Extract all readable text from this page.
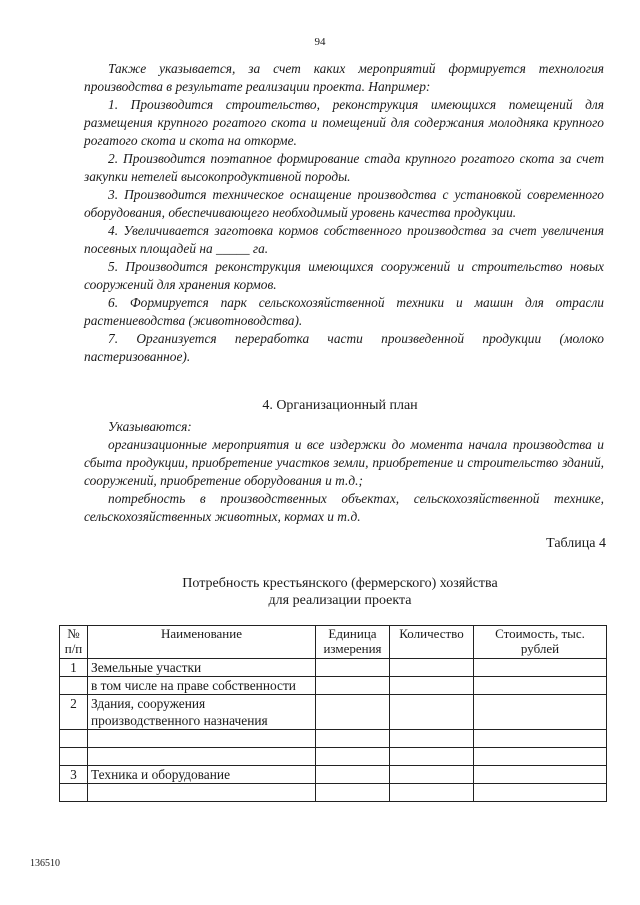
94

Также указывается, за счет каких мероприятий формируется технология производства в результате реализации проекта. Например:

1. Производится строительство, реконструкция имеющихся помещений для размещения крупного рогатого скота и помещений для содержания молодняка крупного рогатого скота и скота на откорме.

2. Производится поэтапное формирование стада крупного рогатого скота за счет закупки нетелей высокопродуктивной породы.

3. Производится техническое оснащение производства с установкой современного оборудования, обеспечивающего необходимый уровень качества продукции.

4. Увеличивается заготовка кормов собственного производства за счет увеличения посевных площадей на _____ га.

5. Производится реконструкция имеющихся сооружений и строительство новых сооружений для хранения кормов.

6. Формируется парк сельскохозяйственной техники и машин для отрасли растениеводства (животноводства).

7. Организуется переработка части произведенной продукции (молоко пастеризованное).

4. Организационный план

Указываются:

организационные мероприятия и все издержки до момента начала производства и сбыта продукции, приобретение участков земли, приобретение и строительство зданий, сооружений, приобретение оборудования и т.д.;

потребность в производственных объектах, сельскохозяйственной технике, сельскохозяйственных животных, кормах и т.д.

Таблица 4
Потребность крестьянского (фермерского) хозяйства
для реализации проекта
№ п/п	Наименование	Единица измерения	Количество	Стоимость, тыс. рублей
1	Земельные участки			
	в том числе на праве собственности			
2	Здания, сооружения производственного назначения			

3	Техника и оборудование			

136510
